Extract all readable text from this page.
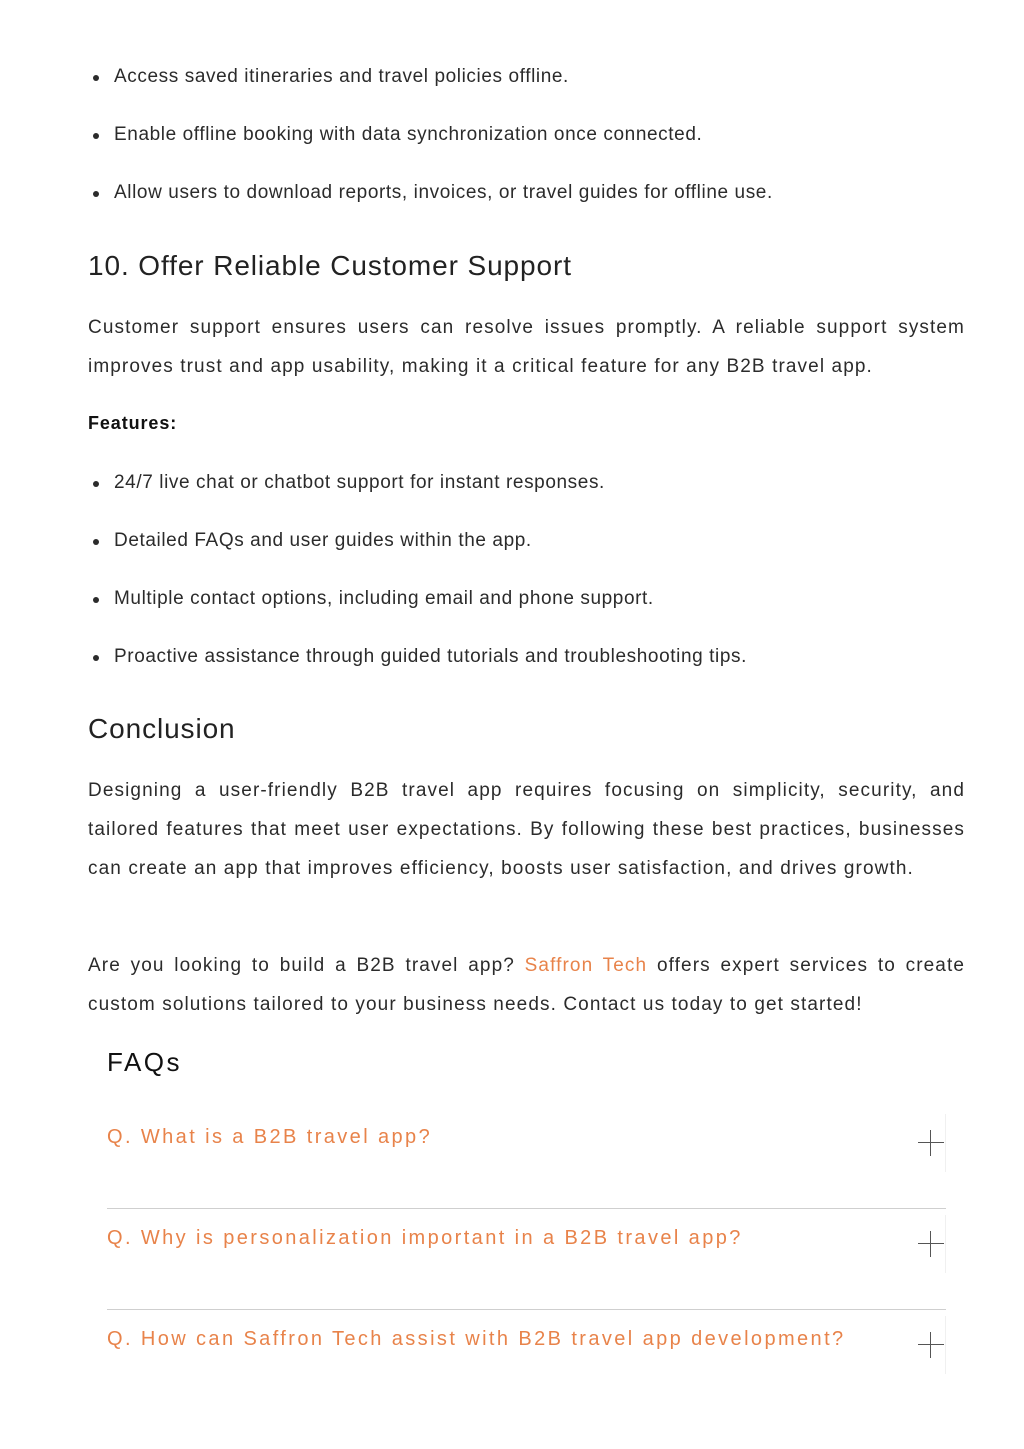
Access saved itineraries and travel policies offline.
Enable offline booking with data synchronization once connected.
Allow users to download reports, invoices, or travel guides for offline use.
10. Offer Reliable Customer Support

Customer support ensures users can resolve issues promptly. A reliable support system improves trust and app usability, making it a critical feature for any B2B travel app.

Features:

24/7 live chat or chatbot support for instant responses.
Detailed FAQs and user guides within the app.
Multiple contact options, including email and phone support.
Proactive assistance through guided tutorials and troubleshooting tips.
Conclusion

Designing a user-friendly B2B travel app requires focusing on simplicity, security, and tailored features that meet user expectations. By following these best practices, businesses can create an app that improves efficiency, boosts user satisfaction, and drives growth.

Are you looking to build a B2B travel app? Saffron Tech offers expert services to create custom solutions tailored to your business needs. Contact us today to get started!

FAQs
Q. What is a B2B travel app?
Q. Why is personalization important in a B2B travel app?
Q. How can Saffron Tech assist with B2B travel app development?
